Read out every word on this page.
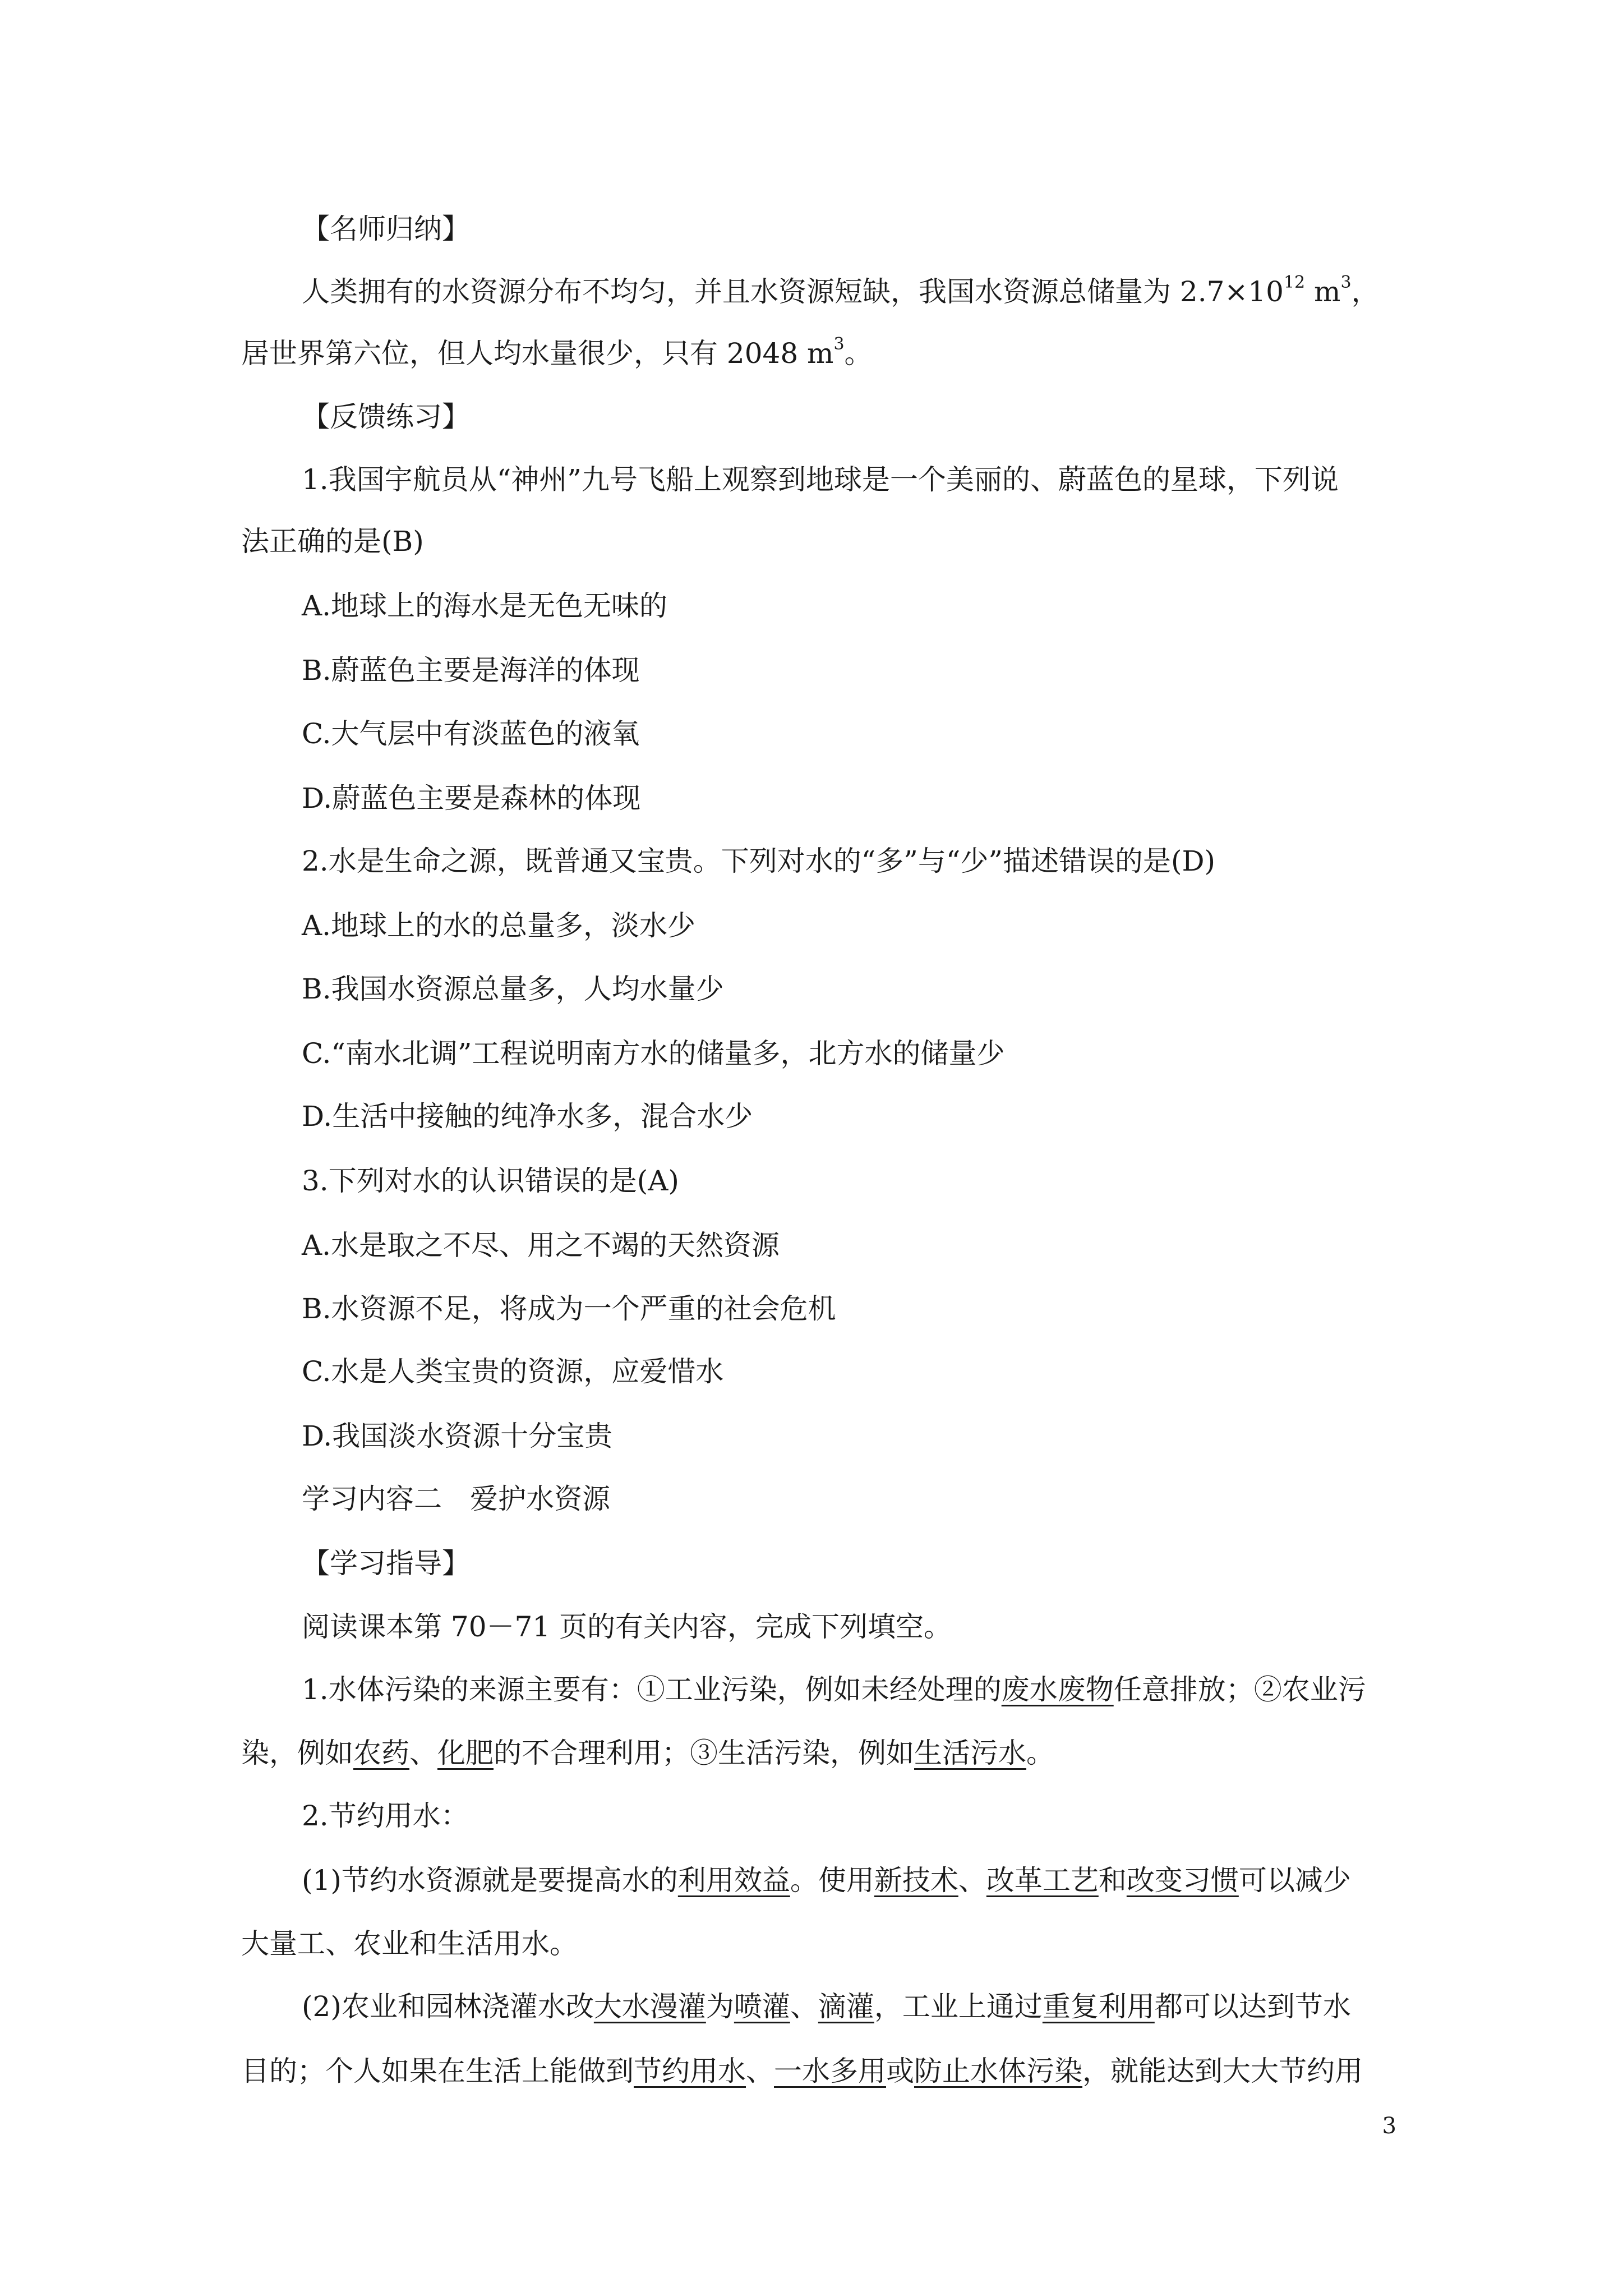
【名师归纳】
人类拥有的水资源分布不均匀，并且水资源短缺，我国水资源总储量为 $2.7\times 10^{12}$ $m^3$，
居世界第六位，但人均水量很少，只有 2048 $m^3$。
【反馈练习】
1.我国宇航员从“神州”九号飞船上观察到地球是一个美丽的、蔚蓝色的星球，下列说
法正确的是(B)
A.地球上的海水是无色无味的
B.蔚蓝色主要是海洋的体现
C.大气层中有淡蓝色的液氧
D.蔚蓝色主要是森林的体现
2.水是生命之源，既普通又宝贵。下列对水的“多”与“少”描述错误的是(D)
A.地球上的水的总量多，淡水少
B.我国水资源总量多，人均水量少
C.“南水北调”工程说明南方水的储量多，北方水的储量少
D.生活中接触的纯净水多，混合水少
3.下列对水的认识错误的是(A)
A.水是取之不尽、用之不竭的天然资源
B.水资源不足，将成为一个严重的社会危机
C.水是人类宝贵的资源，应爱惜水
D.我国淡水资源十分宝贵
学习内容二　爱护水资源
【学习指导】
阅读课本第 70－71 页的有关内容，完成下列填空。
1.水体污染的来源主要有：①工业污染，例如未经处理的废水废物任意排放；②农业污
染，例如农药、化肥的不合理利用；③生活污染，例如生活污水。
2.节约用水：
(1)节约水资源就是要提高水的利用效益。使用新技术、改革工艺和改变习惯可以减少
大量工、农业和生活用水。
(2)农业和园林浇灌水改大水漫灌为喷灌、滴灌，工业上通过重复利用都可以达到节水
目的；个人如果在生活上能做到节约用水、一水多用或防止水体污染，就能达到大大节约用
3
